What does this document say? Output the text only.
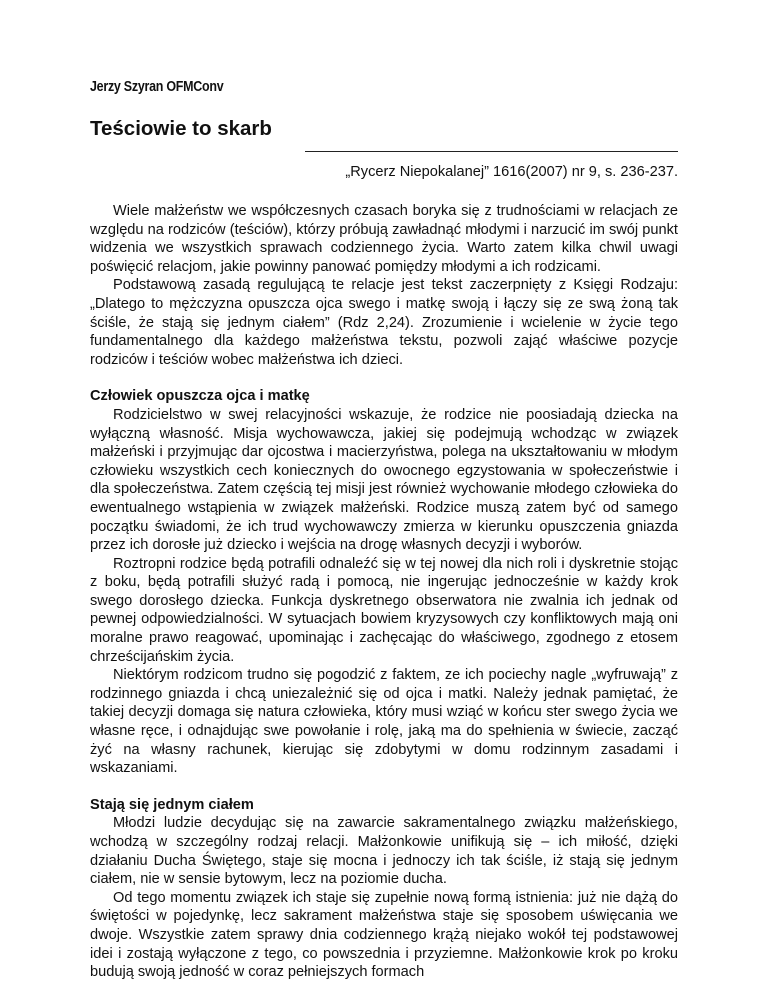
Jerzy Szyran OFMConv
Teściowie to skarb
„Rycerz Niepokalanej” 1616(2007) nr 9, s. 236-237.

Wiele małżeństw we współczesnych czasach boryka się z trudnościami w relacjach ze względu na rodziców (teściów), którzy próbują zawładnąć młodymi i narzucić im swój punkt widzenia we wszystkich sprawach codziennego życia. Warto zatem kilka chwil uwagi poświęcić relacjom, jakie powinny panować pomiędzy młodymi a ich rodzicami.

Podstawową zasadą regulującą te relacje jest tekst zaczerpnięty z Księgi Rodzaju: „Dlatego to mężczyzna opuszcza ojca swego i matkę swoją i łączy się ze swą żoną tak ściśle, że stają się jednym ciałem” (Rdz 2,24). Zrozumienie i wcielenie w życie tego fundamentalnego dla każdego małżeństwa tekstu, pozwoli zająć właściwe pozycje rodziców i teściów wobec małżeństwa ich dzieci.

Człowiek opuszcza ojca i matkę

Rodzicielstwo w swej relacyjności wskazuje, że rodzice nie poosiadają dziecka na wyłączną własność. Misja wychowawcza, jakiej się podejmują wchodząc w związek małżeński i przyjmując dar ojcostwa i macierzyństwa, polega na ukształtowaniu w młodym człowieku wszystkich cech koniecznych do owocnego egzystowania w społeczeństwie i dla społeczeństwa. Zatem częścią tej misji jest również wychowanie młodego człowieka do ewentualnego wstąpienia w związek małżeński. Rodzice muszą zatem być od samego początku świadomi, że ich trud wychowawczy zmierza w kierunku opuszczenia gniazda przez ich dorosłe już dziecko i wejścia na drogę własnych decyzji i wyborów.

Roztropni rodzice będą potrafili odnaleźć się w tej nowej dla nich roli i dyskretnie stojąc z boku, będą potrafili służyć radą i pomocą, nie ingerując jednocześnie w każdy krok swego dorosłego dziecka. Funkcja dyskretnego obserwatora nie zwalnia ich jednak od pewnej odpowiedzialności. W sytuacjach bowiem kryzysowych czy konfliktowych mają oni moralne prawo reagować, upominając i zachęcając do właściwego, zgodnego z etosem chrześcijańskim życia.

Niektórym rodzicom trudno się pogodzić z faktem, ze ich pociechy nagle „wyfruwają” z rodzinnego gniazda i chcą uniezależnić się od ojca i matki. Należy jednak pamiętać, że takiej decyzji domaga się natura człowieka, który musi wziąć w końcu ster swego życia we własne ręce, i odnajdując swe powołanie i rolę, jaką ma do spełnienia w świecie, zacząć żyć na własny rachunek, kierując się zdobytymi w domu rodzinnym zasadami i wskazaniami.

Stają się jednym ciałem

Młodzi ludzie decydując się na zawarcie sakramentalnego związku małżeńskiego, wchodzą w szczególny rodzaj relacji. Małżonkowie unifikują się – ich miłość, dzięki działaniu Ducha Świętego, staje się mocna i jednoczy ich tak ściśle, iż stają się jednym ciałem, nie w sensie bytowym, lecz na poziomie ducha.

Od tego momentu związek ich staje się zupełnie nową formą istnienia: już nie dążą do świętości w pojedynkę, lecz sakrament małżeństwa staje się sposobem uświęcania we dwoje. Wszystkie zatem sprawy dnia codziennego krążą niejako wokół tej podstawowej idei i zostają wyłączone z tego, co powszednia i przyziemne. Małżonkowie krok po kroku budują swoją jedność w coraz pełniejszych formach
